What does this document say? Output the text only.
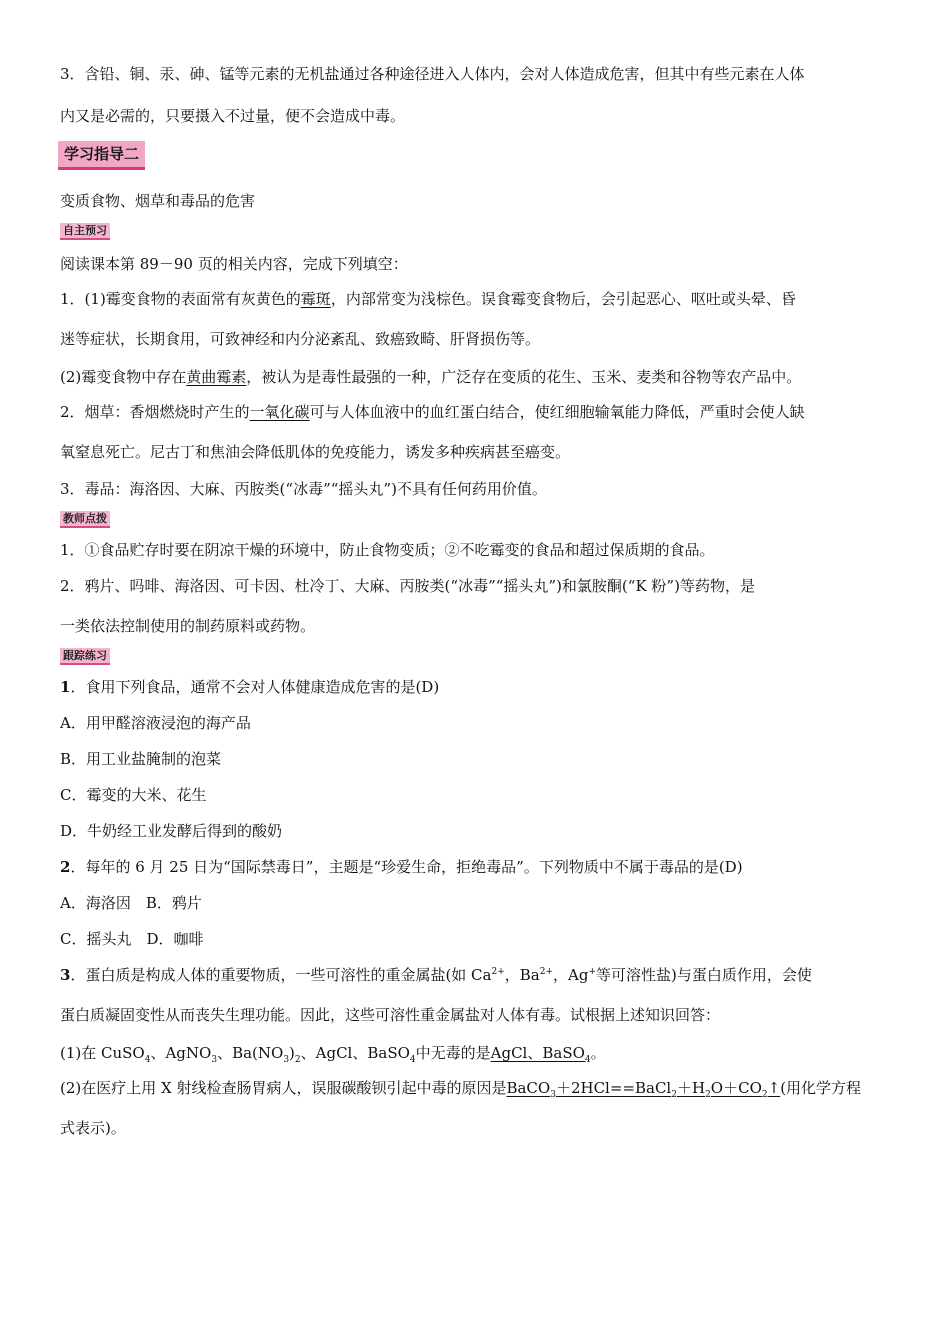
3．含铅、铜、汞、砷、锰等元素的无机盐通过各种途径进入人体内，会对人体造成危害，但其中有些元素在人体
内又是必需的，只要摄入不过量，便不会造成中毒。
学习指导二
变质食物、烟草和毒品的危害
自主预习
阅读课本第 89－90 页的相关内容，完成下列填空：
1．(1)霉变食物的表面常有灰黄色的霉斑，内部常变为浅棕色。误食霉变食物后，会引起恶心、呕吐或头晕、昏
迷等症状，长期食用，可致神经和内分泌紊乱、致癌致畸、肝肾损伤等。
(2)霉变食物中存在黄曲霉素，被认为是毒性最强的一种，广泛存在变质的花生、玉米、麦类和谷物等农产品中。
2．烟草：香烟燃烧时产生的一氧化碳可与人体血液中的血红蛋白结合，使红细胞输氧能力降低，严重时会使人缺
氧窒息死亡。尼古丁和焦油会降低肌体的免疫能力，诱发多种疾病甚至癌变。
3．毒品：海洛因、大麻、丙胺类(“冰毒”“摇头丸”)不具有任何药用价值。
教师点拨
1．①食品贮存时要在阴凉干燥的环境中，防止食物变质；②不吃霉变的食品和超过保质期的食品。
2．鸦片、吗啡、海洛因、可卡因、杜冷丁、大麻、丙胺类(“冰毒”“摇头丸”)和氯胺酮(“K 粉”)等药物，是
一类依法控制使用的制药原料或药物。
跟踪练习
1．食用下列食品，通常不会对人体健康造成危害的是(D)
A．用甲醛溶液浸泡的海产品
B．用工业盐腌制的泡菜
C．霉变的大米、花生
D．牛奶经工业发酵后得到的酸奶
2．每年的 6 月 25 日为“国际禁毒日”，主题是“珍爱生命，拒绝毒品”。下列物质中不属于毒品的是(D)
A．海洛因　B．鸦片
C．摇头丸　D．咖啡
3．蛋白质是构成人体的重要物质，一些可溶性的重金属盐(如 $Ca^{2+}$，$Ba^{2+}$，Ag+等可溶性盐)与蛋白质作用，会使
蛋白质凝固变性从而丧失生理功能。因此，这些可溶性重金属盐对人体有毒。试根据上述知识回答：
(1)在 CuSO$_4$、AgNO$_3$、$Ba(NO_3)_2$、AgCl、BaSO$_4$中无毒的是AgCl、BaSO$_4$。
(2)在医疗上用 X 射线检查肠胃病人，误服碳酸钡引起中毒的原因是$BaCO_3+2HCl==BaCl_2+H_2O+CO_2↑$(用化学方程
式表示)。
